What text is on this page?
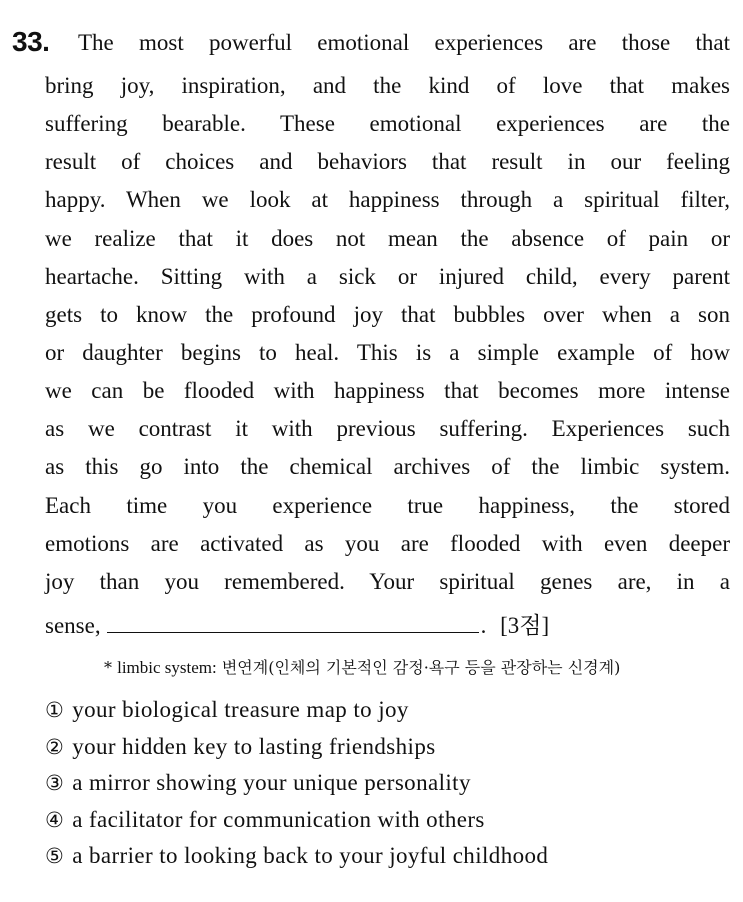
33. The most powerful emotional experiences are those that
bring joy, inspiration, and the kind of love that makes
suffering bearable. These emotional experiences are the
result of choices and behaviors that result in our feeling
happy. When we look at happiness through a spiritual filter,
we realize that it does not mean the absence of pain or
heartache. Sitting with a sick or injured child, every parent
gets to know the profound joy that bubbles over when a son
or daughter begins to heal. This is a simple example of how
we can be flooded with happiness that becomes more intense
as we contrast it with previous suffering. Experiences such
as this go into the chemical archives of the limbic system.
Each time you experience true happiness, the stored
emotions are activated as you are flooded with even deeper
joy than you remembered. Your spiritual genes are, in a
sense,	. [3점]
* limbic system: 변연계(인체의 기본적인 감정·욕구 등을 관장하는 신경계)
① your biological treasure map to joy
② your hidden key to lasting friendships
③ a mirror showing your unique personality
④ a facilitator for communication with others
⑤ a barrier to looking back to your joyful childhood
